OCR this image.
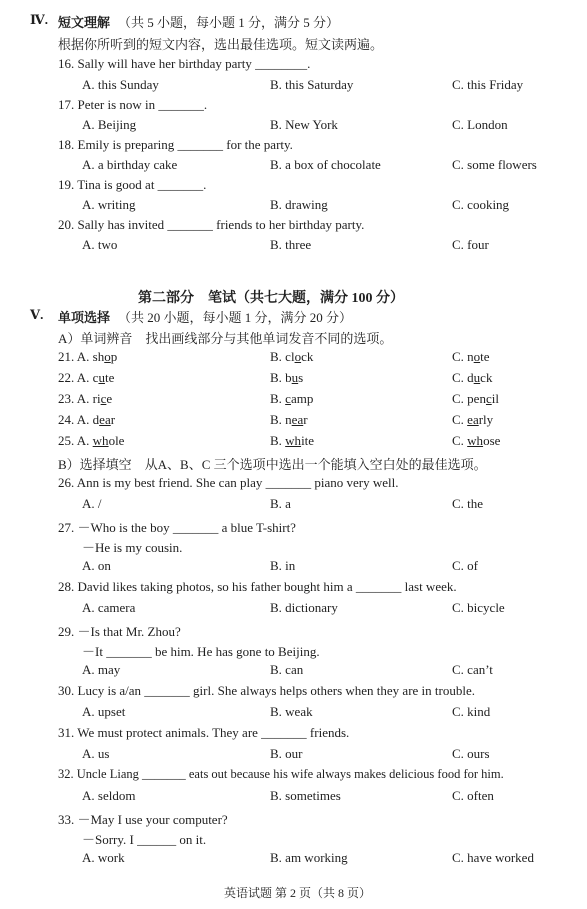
Ⅳ. 短文理解 （共 5 小题，每小题 1 分，满分 5 分）
根据你所听到的短文内容，选出最佳选项。短文读两遍。
16. Sally will have her birthday party ________.
A. this Sunday	B. this Saturday	C. this Friday
17. Peter is now in _______.
A. Beijing	B. New York	C. London
18. Emily is preparing _______ for the party.
A. a birthday cake	B. a box of chocolate	C. some flowers
19. Tina is good at _______.
A. writing	B. drawing	C. cooking
20. Sally has invited _______ friends to her birthday party.
A. two	B. three	C. four
第二部分　笔试（共七大题，满分 100 分）
Ⅴ. 单项选择 （共 20 小题，每小题 1 分，满分 20 分）
A）单词辨音　找出画线部分与其他单词发音不同的选项。
21. A. shop	B. clock	C. note
22. A. cute	B. bus	C. duck
23. A. rice	B. camp	C. pencil
24. A. dear	B. near	C. early
25. A. whole	B. white	C. whose
B）选择填空　从A、B、C 三个选项中选出一个能填入空白处的最佳选项。
26. Ann is my best friend. She can play _______ piano very well.
A. /	B. a	C. the
27. －Who is the boy _______ a blue T-shirt?
－He is my cousin.
A. on	B. in	C. of
28. David likes taking photos, so his father bought him a _______ last week.
A. camera	B. dictionary	C. bicycle
29. －Is that Mr. Zhou?
－It _______ be him. He has gone to Beijing.
A. may	B. can	C. can’t
30. Lucy is a/an _______ girl. She always helps others when they are in trouble.
A. upset	B. weak	C. kind
31. We must protect animals. They are _______ friends.
A. us	B. our	C. ours
32. Uncle Liang _______ eats out because his wife always makes delicious food for him.
A. seldom	B. sometimes	C. often
33. －May I use your computer?
－Sorry. I ______ on it.
A. work	B. am working	C. have worked
英语试题 第 2 页（共 8 页）
